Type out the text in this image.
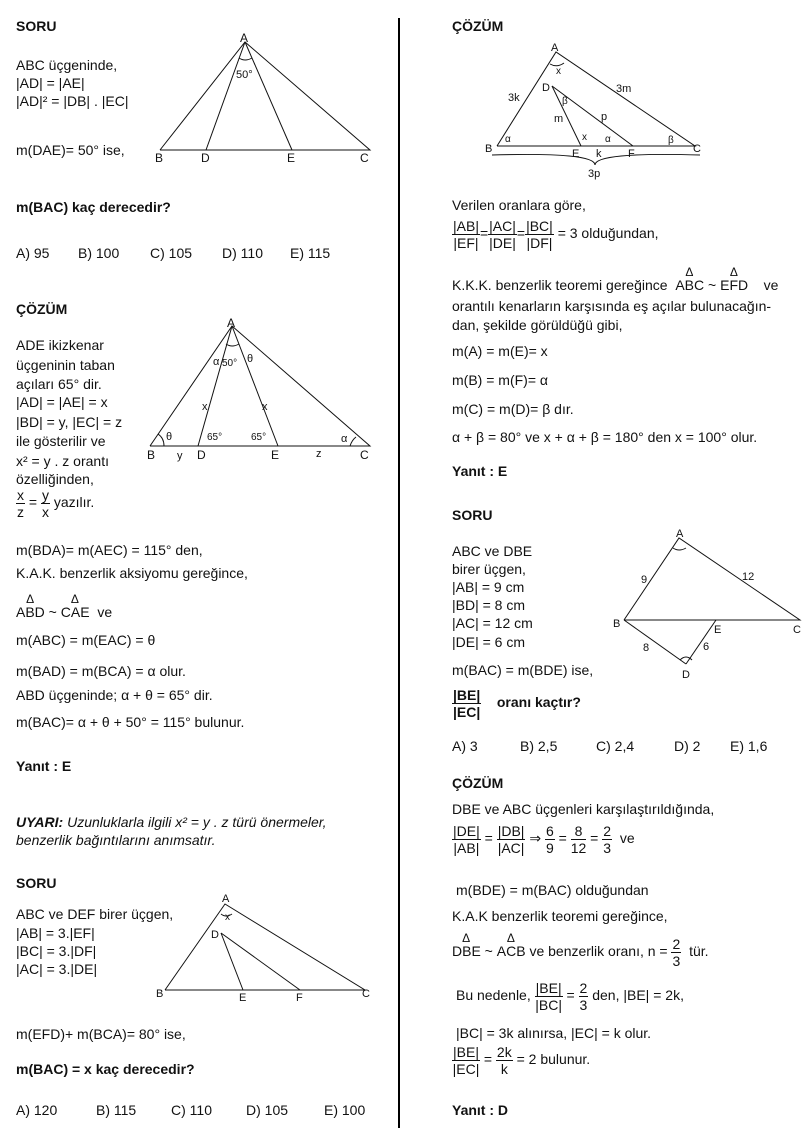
SORU
ABC üçgeninde,
|AD| = |AE|
|AD|² = |DB| . |EC|
m(DAE)= 50° ise,
m(BAC) kaç derecedir?
A) 95 B) 100 C) 105 D) 110 E) 115
A
B	C
D	E
50°
ÇÖZÜM
ADE ikizkenar
üçgeninin taban
açıları 65° dir.
|AD| = |AE| = x
|BD| = y, |EC| = z
ile gösterilir ve
x² = y . z orantı
özelliğinden,
$\frac{x}{z} = \frac{y}{x}$ yazılır.
m(BDA)= m(AEC) = 115° den,
K.A.K. benzerlik aksiyomu gereğince,
Δ ABD ~ Δ CAE ve
m(ABC) = m(EAC) = θ
m(BAD) = m(BCA) = α olur.
ABD üçgeninde; α + θ = 65° dir.
m(BAC)= α + θ + 50° = 115° bulunur.
Yanıt : E
A
B	C
D	E
α 50° θ
x	x
θ	65°	65°	α
y	z
UYARI: Uzunluklarla ilgili x² = y . z türü önermeler,
benzerlik bağıntılarını anımsatır.
SORU
ABC ve DEF birer üçgen,
|AB| = 3.|EF|
|BC| = 3.|DF|
|AC| = 3.|DE|
m(EFD)+ m(BCA)= 80° ise,
m(BAC) = x kaç derecedir?
A) 120	B) 115 C) 110 D) 105	E) 100
A
x
B	C
D
E	F
ÇÖZÜM
A
x
B	C
D
E	F
3k
3m
m	p
k
3p
x
α	α
β
β
Verilen oranlara göre,
$\frac{|AB|}{|EF|} = \frac{|AC|}{|DE|} = \frac{|BC|}{|DF|} = 3$ olduğundan,
K.K.K. benzerlik teoremi gereğince Δ ABC ~ Δ EFD ve
orantılı kenarların karşısında eş açılar bulunacağın-
dan, şekilde görüldüğü gibi,
m(A) = m(E)= x
m(B) = m(F)= α
m(C) = m(D)= β dır.
α + β = 80° ve x + α + β = 180° den x = 100° olur.
Yanıt : E
SORU
ABC ve DBE
birer üçgen,
|AB| = 9 cm
|BD| = 8 cm
|AC| = 12 cm
|DE| = 6 cm
m(BAC) = m(BDE) ise,
$\frac{|BE|}{|EC|}$ oranı kaçtır?
A) 3	B) 2,5	C) 2,4	D) 2 E) 1,6
A
B	C
D
E
9	12
8	6
ÇÖZÜM
DBE ve ABC üçgenleri karşılaştırıldığında,
$\frac{|DE|}{|AB|} = \frac{|DB|}{|AC|}$ ⇒ $\frac{6}{9} = \frac{8}{12} = \frac{2}{3}$ ve
m(BDE) = m(BAC) olduğundan
K.A.K benzerlik teoremi gereğince,
Δ DBE ~ Δ ACB ve benzerlik oranı, $n = \frac{2}{3}$ tür.
Bu nedenle, $\frac{|BE|}{|BC|} = \frac{2}{3}$ den, |BE| = 2k,
|BC| = 3k alınırsa, |EC| = k olur.
$\frac{|BE|}{|EC|} = \frac{2k}{k} = 2$ bulunur.
Yanıt : D
